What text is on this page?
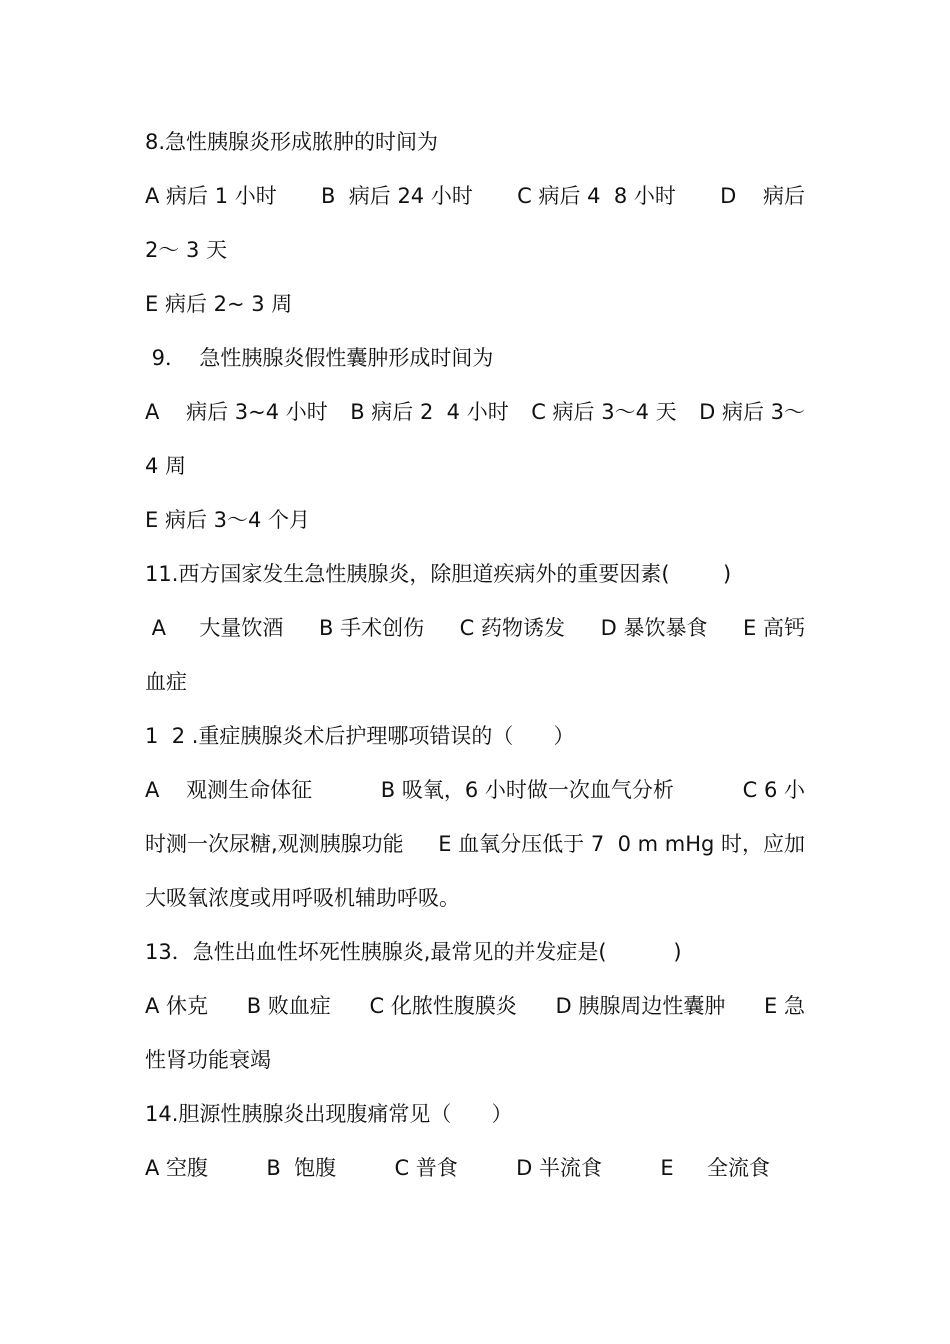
8.急性胰腺炎形成脓肿的时间为
A 病后 1 小时 B  病后 24 小时 C 病后 4  8 小时 D    病后
2～ 3 天
E 病后 2~ 3 周
9．  急性胰腺炎假性囊肿形成时间为
A    病后 3~4 小时 B 病后 2  4 小时 C 病后 3～4 天 D 病后 3～
4 周
E 病后 3～4 个月
11.西方国家发生急性胰腺炎，除胆道疾病外的重要因素(        )
A     大量饮酒 B 手术创伤 C 药物诱发 D 暴饮暴食 E 高钙
血症
1  2 .重症胰腺炎术后护理哪项错误的（      ）
A    观测生命体征	B 吸氧，6 小时做一次血气分析	C 6 小
时测一次尿糖,观测胰腺功能 E 血氧分压低于 7  0 m mHg 时，应加
大吸氧浓度或用呼吸机辅助呼吸。
13．急性出血性坏死性胰腺炎,最常见的并发症是(          )
A 休克 B 败血症 C 化脓性腹膜炎 D 胰腺周边性囊肿 E 急
性肾功能衰竭
14.胆源性胰腺炎出现腹痛常见（      ）
A 空腹	B  饱腹	C 普食	D 半流食	E     全流食
